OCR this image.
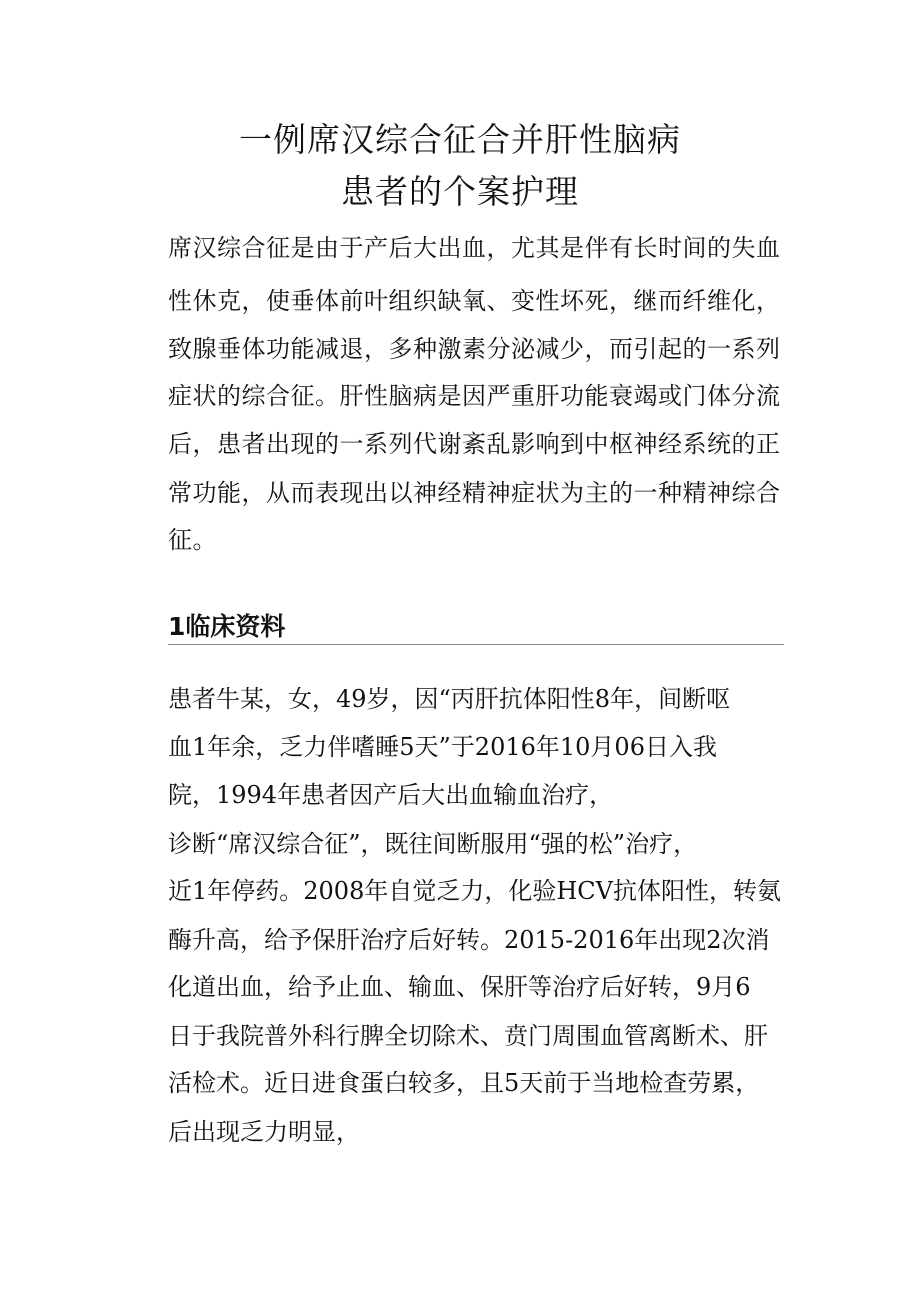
一例席汉综合征合并肝性脑病
患者的个案护理

席汉综合征是由于产后大出血，尤其是伴有长时间的失血

性休克，使垂体前叶组织缺氧、变性坏死，继而纤维化，

致腺垂体功能减退，多种激素分泌减少，而引起的一系列

症状的综合征。肝性脑病是因严重肝功能衰竭或门体分流

后，患者出现的一系列代谢紊乱影响到中枢神经系统的正

常功能，从而表现出以神经精神症状为主的一种精神综合

征。

1临床资料

患者牛某，女，49岁，因“丙肝抗体阳性8年，间断呕

血1年余，乏力伴嗜睡5天”于2016年10月06日入我

院，1994年患者因产后大出血输血治疗，

诊断“席汉综合征”，既往间断服用“强的松”治疗，

近1年停药。2008年自觉乏力，化验HCV抗体阳性，转氨

酶升高，给予保肝治疗后好转。2015-2016年出现2次消

化道出血，给予止血、输血、保肝等治疗后好转，9月6

日于我院普外科行脾全切除术、贲门周围血管离断术、肝

活检术。近日进食蛋白较多，且5天前于当地检查劳累，

后出现乏力明显，
